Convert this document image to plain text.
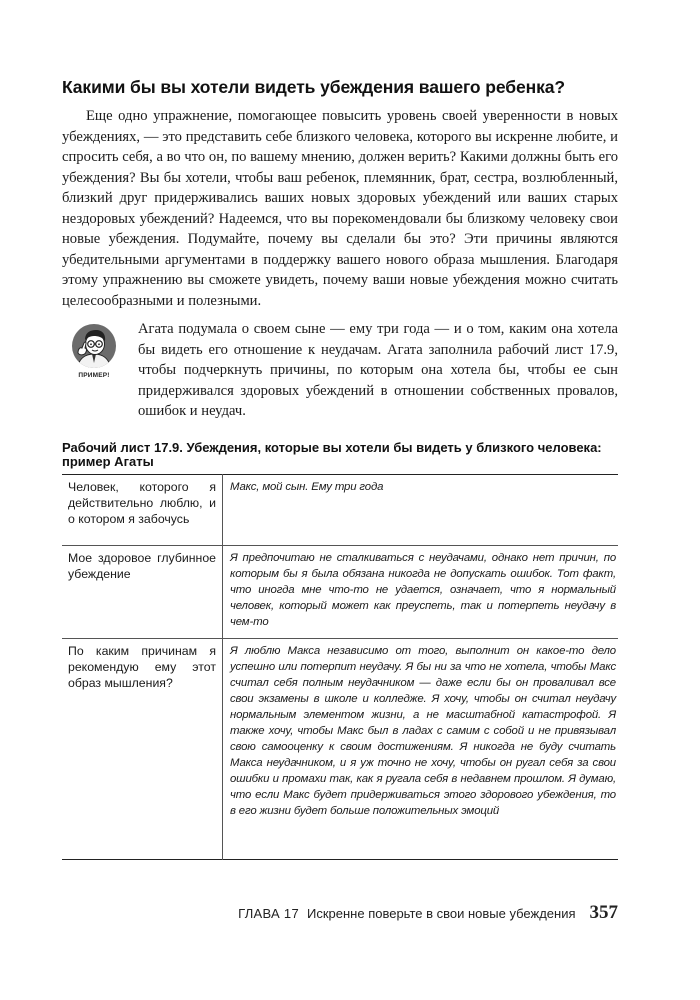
Какими бы вы хотели видеть убеждения вашего ребенка?

Еще одно упражнение, помогающее повысить уровень своей уверенности в новых убеждениях, — это представить себе близкого человека, которого вы искренне любите, и спросить себя, а во что он, по вашему мнению, должен верить? Какими должны быть его убеждения? Вы бы хотели, чтобы ваш ребенок, племянник, брат, сестра, возлюбленный, близкий друг придерживались ваших новых здоровых убеждений или ваших старых нездоровых убеждений? Надеемся, что вы порекомендовали бы близкому человеку свои новые убеждения. Подумайте, почему вы сделали бы это? Эти причины являются убедительными аргументами в поддержку вашего нового образа мышления. Благодаря этому упражнению вы сможете увидеть, почему ваши новые убеждения можно считать целесообразными и полезными.

ПРИМЕР!

Агата подумала о своем сыне — ему три года — и о том, каким она хотела бы видеть его отношение к неудачам. Агата заполнила рабочий лист 17.9, чтобы подчеркнуть причины, по которым она хотела бы, чтобы ее сын придерживался здоровых убеждений в отношении собственных провалов, ошибок и неудач.

Рабочий лист 17.9. Убеждения, которые вы хотели бы видеть у близкого человека: пример Агаты
Человек, которого я действительно люблю, и о котором я забочусь	Макс, мой сын. Ему три года
Мое здоровое глубинное убеждение	Я предпочитаю не сталкиваться с неудачами, однако нет причин, по которым бы я была обязана никогда не допускать ошибок. Тот факт, что иногда мне что-то не удается, означает, что я нормальный человек, который может как преуспеть, так и потерпеть неудачу в чем-то
По каким причинам я рекомендую ему этот образ мышления?	Я люблю Макса независимо от того, выполнит он какое-то дело успешно или потерпит неудачу. Я бы ни за что не хотела, чтобы Макс считал себя полным неудачником — даже если бы он проваливал все свои экзамены в школе и колледже. Я хочу, чтобы он считал неудачу нормальным элементом жизни, а не масштабной катастрофой. Я также хочу, чтобы Макс был в ладах с самим с собой и не привязывал свою самооценку к своим достижениям. Я никогда не буду считать Макса неудачником, и я уж точно не хочу, чтобы он ругал себя за свои ошибки и промахи так, как я ругала себя в недавнем прошлом. Я думаю, что если Макс будет придерживаться этого здорового убеждения, то в его жизни будет больше положительных эмоций
ГЛАВА 17 Искренне поверьте в свои новые убеждения 357
